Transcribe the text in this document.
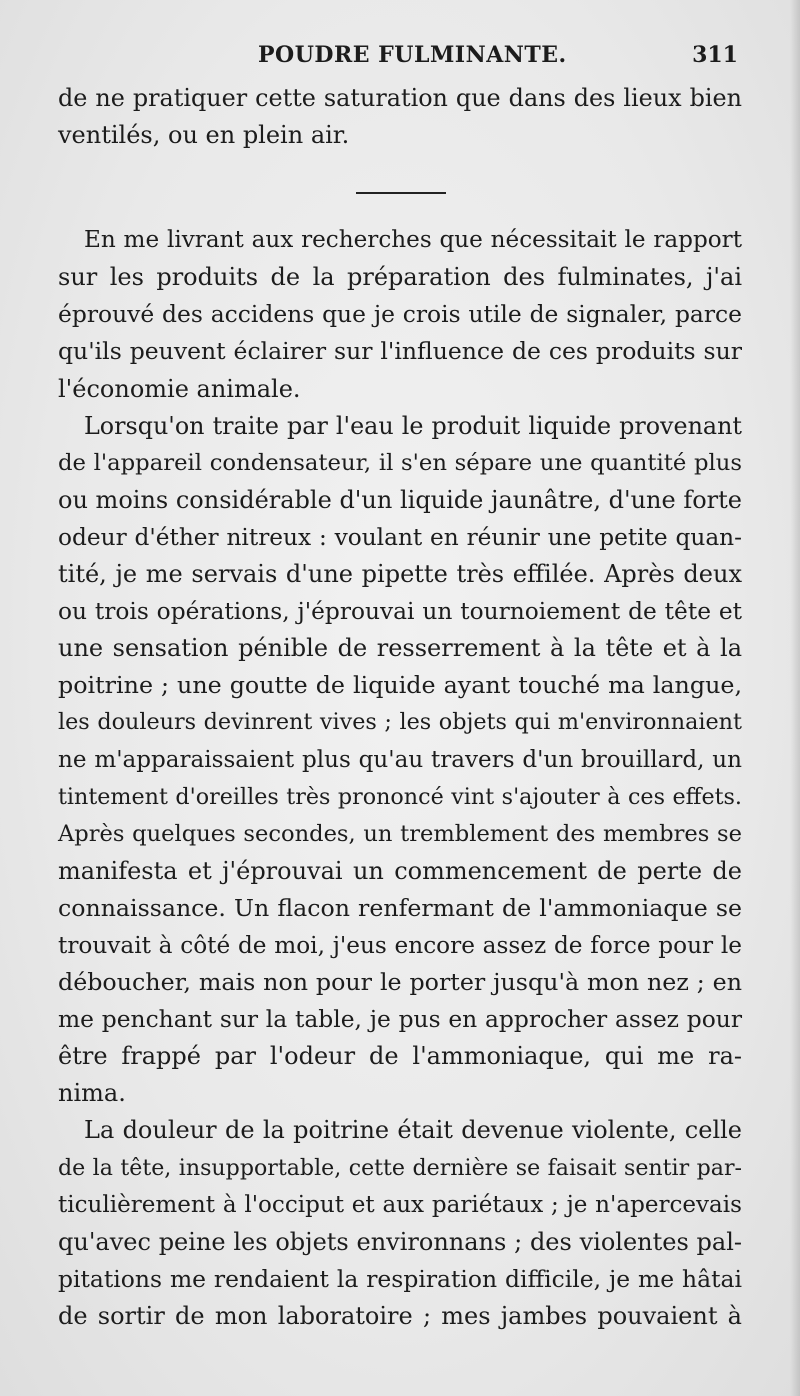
POUDRE FULMINANTE.	311
de ne pratiquer cette saturation que dans des lieux bien
ventilés, ou en plein air.
En me livrant aux recherches que nécessitait le rapport
sur les produits de la préparation des fulminates, j'ai
éprouvé des accidens que je crois utile de signaler, parce
qu'ils peuvent éclairer sur l'influence de ces produits sur
l'économie animale.
Lorsqu'on traite par l'eau le produit liquide provenant
de l'appareil condensateur, il s'en sépare une quantité plus
ou moins considérable d'un liquide jaunâtre, d'une forte
odeur d'éther nitreux : voulant en réunir une petite quan-
tité, je me servais d'une pipette très effilée. Après deux
ou trois opérations, j'éprouvai un tournoiement de tête et
une sensation pénible de resserrement à la tête et à la
poitrine ; une goutte de liquide ayant touché ma langue,
les douleurs devinrent vives ; les objets qui m'environnaient
ne m'apparaissaient plus qu'au travers d'un brouillard, un
tintement d'oreilles très prononcé vint s'ajouter à ces effets.
Après quelques secondes, un tremblement des membres se
manifesta et j'éprouvai un commencement de perte de
connaissance. Un flacon renfermant de l'ammoniaque se
trouvait à côté de moi, j'eus encore assez de force pour le
déboucher, mais non pour le porter jusqu'à mon nez ; en
me penchant sur la table, je pus en approcher assez pour
être frappé par l'odeur de l'ammoniaque, qui me ra-
nima.
La douleur de la poitrine était devenue violente, celle
de la tête, insupportable, cette dernière se faisait sentir par-
ticulièrement à l'occiput et aux pariétaux ; je n'apercevais
qu'avec peine les objets environnans ; des violentes pal-
pitations me rendaient la respiration difficile, je me hâtai
de sortir de mon laboratoire ; mes jambes pouvaient à
